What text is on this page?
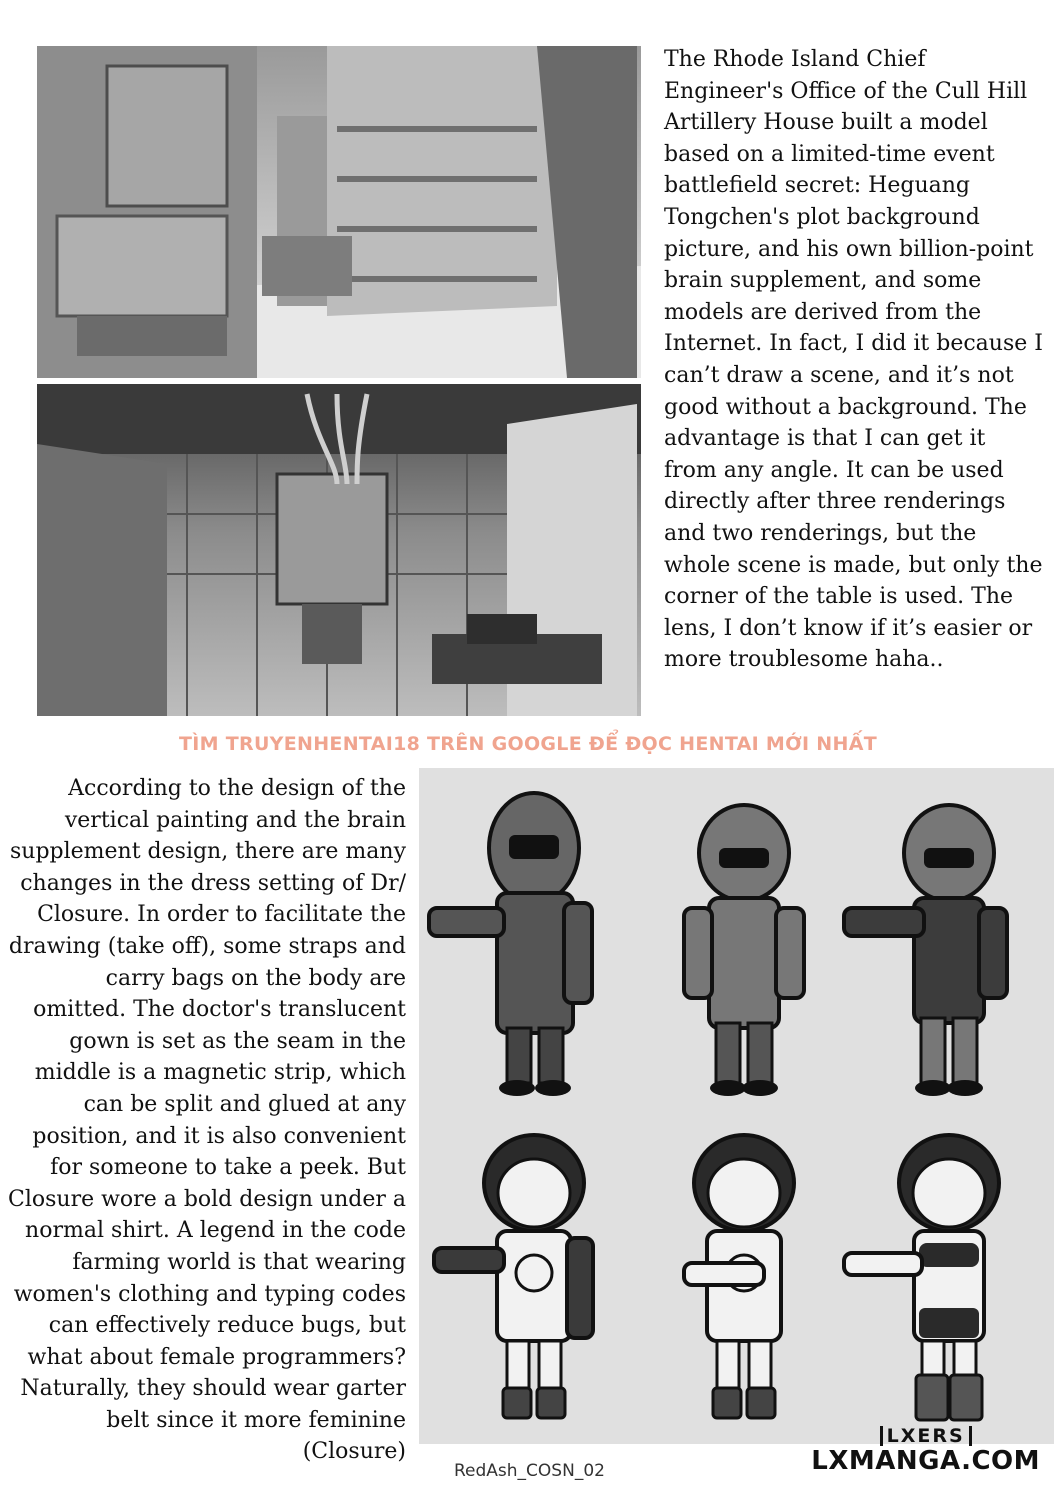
The Rhode Island Chief Engineer's Office of the Cull Hill Artillery House built a model based on a limited-time event battlefield secret: Heguang Tongchen's plot background picture, and his own billion-point brain supplement, and some models are derived from the Internet. In fact, I did it because I can’t draw a scene, and it’s not good without a background. The advantage is that I can get it from any angle. It can be used directly after three renderings and two renderings, but the whole scene is made, but only the corner of the table is used. The lens, I don’t know if it’s easier or more troublesome haha..

TÌM TRUYENHENTAI18 TRÊN GOOGLE ĐỂ ĐỌC HENTAI MỚI NHẤT

According to the design of the vertical painting and the brain supplement design, there are many changes in the dress setting of Dr/ Closure. In order to facilitate the drawing (take off), some straps and carry bags on the body are omitted. The doctor's translucent gown is set as the seam in the middle is a magnetic strip, which can be split and glued at any position, and it is also convenient for someone to take a peek. But Closure wore a bold design under a normal shirt. A legend in the code farming world is that wearing women's clothing and typing codes can effectively reduce bugs, but what about female programmers? Naturally, they should wear garter belt since it more feminine (Closure)

RedAsh_COSN_02
LXERS
LXMANGA.COM
